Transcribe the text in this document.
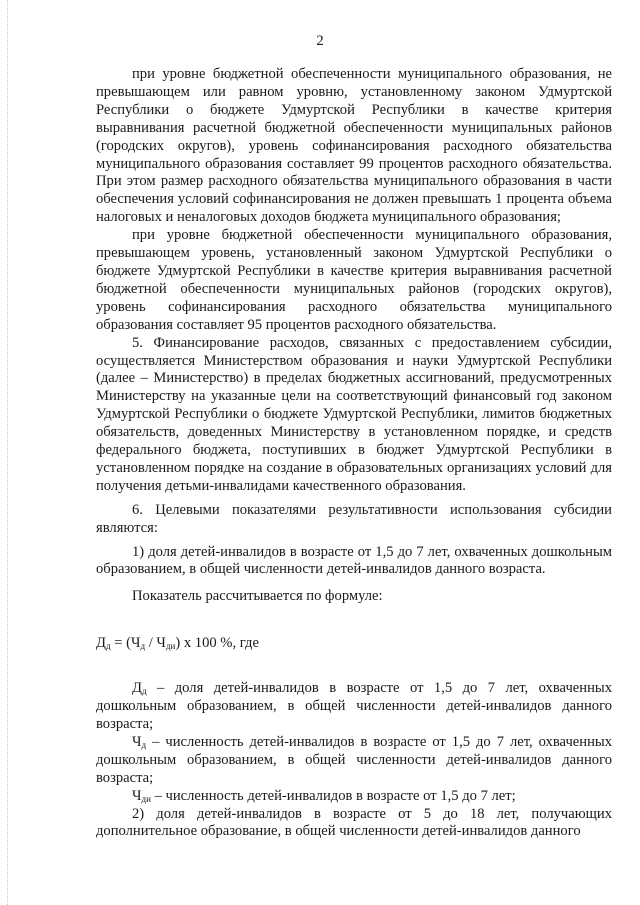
2

при уровне бюджетной обеспеченности муниципального образования, не превышающем или равном уровню, установленному законом Удмуртской Республики о бюджете Удмуртской Республики в качестве критерия выравнивания расчетной бюджетной обеспеченности муниципальных районов (городских округов), уровень софинансирования расходного обязательства муниципального образования составляет 99 процентов расходного обязательства. При этом размер расходного обязательства муниципального образования в части обеспечения условий софинансирования не должен превышать 1 процента объема налоговых и неналоговых доходов бюджета муниципального образования;

при уровне бюджетной обеспеченности муниципального образования, превышающем уровень, установленный законом Удмуртской Республики о бюджете Удмуртской Республики в качестве критерия выравнивания расчетной бюджетной обеспеченности муниципальных районов (городских округов), уровень софинансирования расходного обязательства муниципального образования составляет 95 процентов расходного обязательства.

5. Финансирование расходов, связанных с предоставлением субсидии, осуществляется Министерством образования и науки Удмуртской Республики (далее – Министерство) в пределах бюджетных ассигнований, предусмотренных Министерству на указанные цели на соответствующий финансовый год законом Удмуртской Республики о бюджете Удмуртской Республики, лимитов бюджетных обязательств, доведенных Министерству в установленном порядке, и средств федерального бюджета, поступивших в бюджет Удмуртской Республики в установленном порядке на создание в образовательных организациях условий для получения детьми-инвалидами качественного образования.

6. Целевыми показателями результативности использования субсидии являются:

1) доля детей-инвалидов в возрасте от 1,5 до 7 лет, охваченных дошкольным образованием, в общей численности детей-инвалидов данного возраста.

Показатель рассчитывается по формуле:

$Д_д = (Ч_д / Ч_{ди})$ x 100 %, где

$Д_д$ – доля детей-инвалидов в возрасте от 1,5 до 7 лет, охваченных дошкольным образованием, в общей численности детей-инвалидов данного возраста;

$Ч_д$ – численность детей-инвалидов в возрасте от 1,5 до 7 лет, охваченных дошкольным образованием, в общей численности детей-инвалидов данного возраста;

$Ч_{ди}$ – численность детей-инвалидов в возрасте от 1,5 до 7 лет;

2) доля детей-инвалидов в возрасте от 5 до 18 лет, получающих дополнительное образование, в общей численности детей-инвалидов данного
